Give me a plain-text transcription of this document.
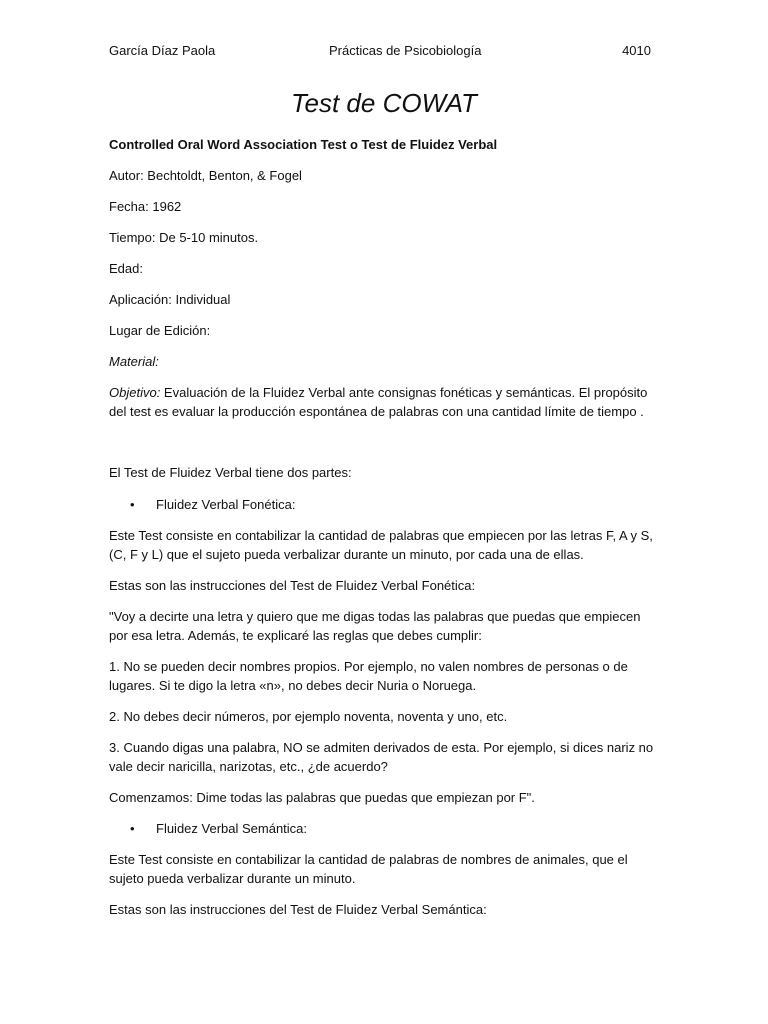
García Díaz Paola	Prácticas de Psicobiología	4010
Test de COWAT

Controlled Oral Word Association Test o Test de Fluidez Verbal

Autor: Bechtoldt, Benton, & Fogel

Fecha: 1962

Tiempo: De 5-10 minutos.

Edad:

Aplicación: Individual

Lugar de Edición:

Material:

Objetivo: Evaluación de la Fluidez Verbal ante consignas fonéticas y semánticas. El propósito del test es evaluar la producción espontánea de palabras con una cantidad límite de tiempo .

El Test de Fluidez Verbal tiene dos partes:

• Fluidez Verbal Fonética:

Este Test consiste en contabilizar la cantidad de palabras que empiecen por las letras F, A y S, (C, F y L) que el sujeto pueda verbalizar durante un minuto, por cada una de ellas.

Estas son las instrucciones del Test de Fluidez Verbal Fonética:

"Voy a decirte una letra y quiero que me digas todas las palabras que puedas que empiecen por esa letra. Además, te explicaré las reglas que debes cumplir:

1. No se pueden decir nombres propios. Por ejemplo, no valen nombres de personas o de lugares. Si te digo la letra «n», no debes decir Nuria o Noruega.

2. No debes decir números, por ejemplo noventa, noventa y uno, etc.

3. Cuando digas una palabra, NO se admiten derivados de esta. Por ejemplo, si dices nariz no vale decir naricilla, narizotas, etc., ¿de acuerdo?

Comenzamos: Dime todas las palabras que puedas que empiezan por F".

• Fluidez Verbal Semántica:

Este Test consiste en contabilizar la cantidad de palabras de nombres de animales, que el sujeto pueda verbalizar durante un minuto.

Estas son las instrucciones del Test de Fluidez Verbal Semántica:
